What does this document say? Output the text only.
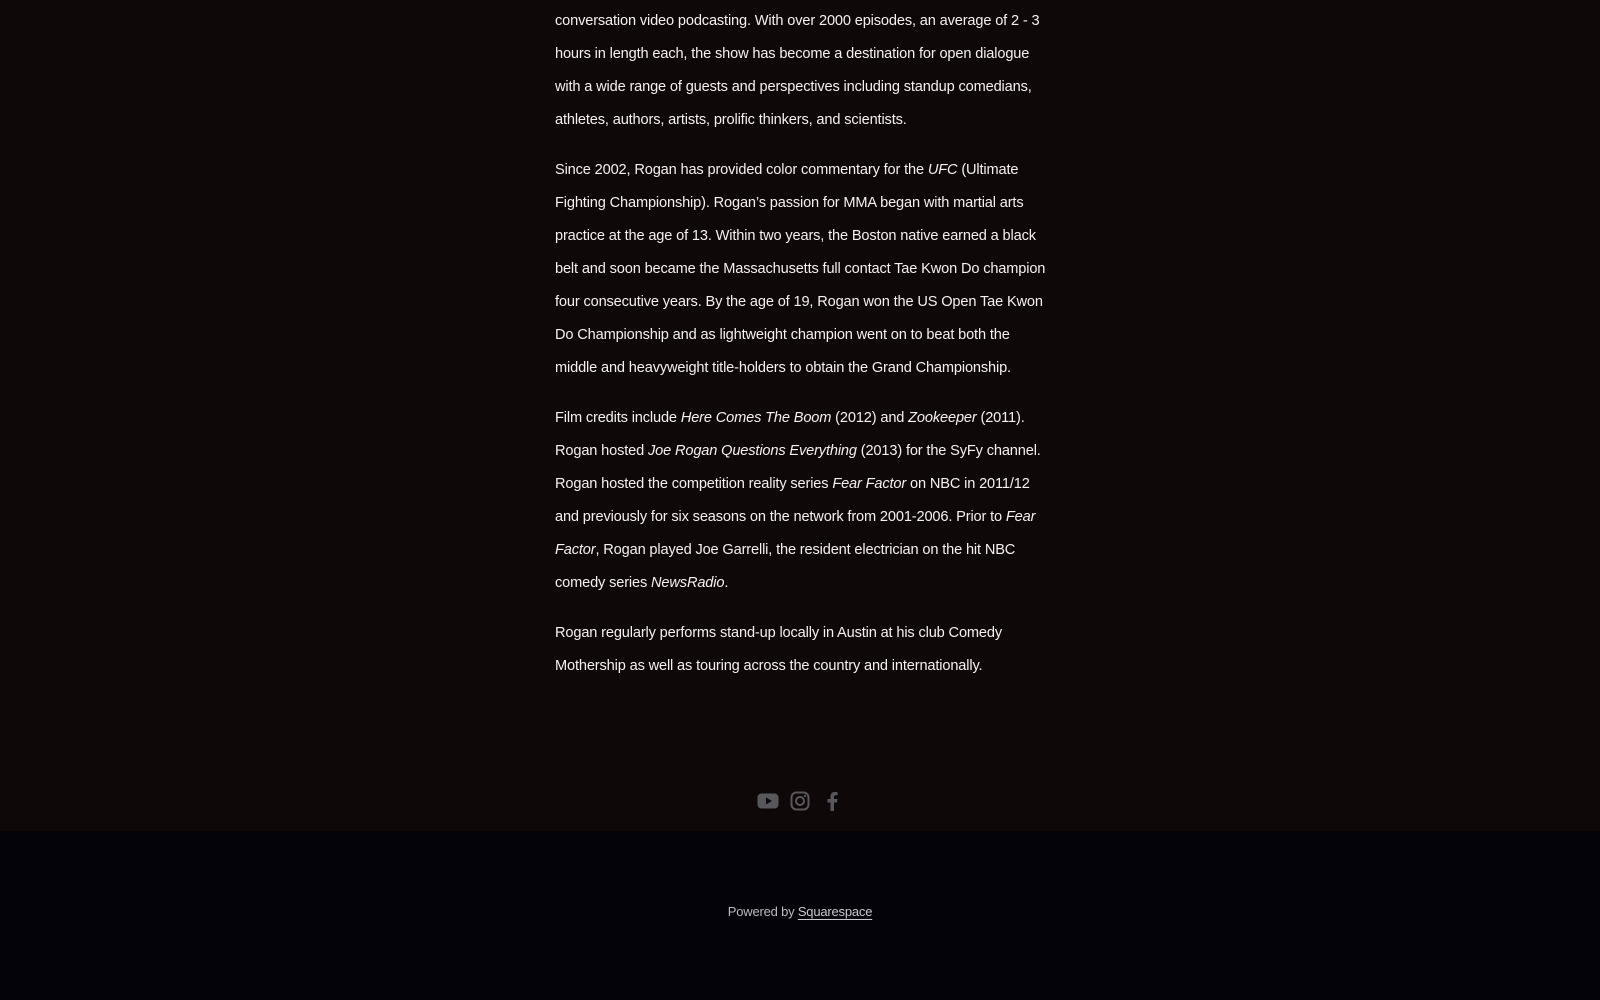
conversation video podcasting. With over 2000 episodes, an average of 2 - 3 hours in length each, the show has become a destination for open dialogue with a wide range of guests and perspectives including standup comedians, athletes, authors, artists, prolific thinkers, and scientists.

Since 2002, Rogan has provided color commentary for the UFC (Ultimate Fighting Championship). Rogan’s passion for MMA began with martial arts practice at the age of 13. Within two years, the Boston native earned a black belt and soon became the Massachusetts full contact Tae Kwon Do champion four consecutive years. By the age of 19, Rogan won the US Open Tae Kwon Do Championship and as lightweight champion went on to beat both the middle and heavyweight title-holders to obtain the Grand Championship.

Film credits include Here Comes The Boom (2012) and Zookeeper (2011). Rogan hosted Joe Rogan Questions Everything (2013) for the SyFy channel. Rogan hosted the competition reality series Fear Factor on NBC in 2011/12 and previously for six seasons on the network from 2001-2006. Prior to Fear Factor, Rogan played Joe Garrelli, the resident electrician on the hit NBC comedy series NewsRadio.

Rogan regularly performs stand-up locally in Austin at his club Comedy Mothership as well as touring across the country and internationally.

Powered by Squarespace
